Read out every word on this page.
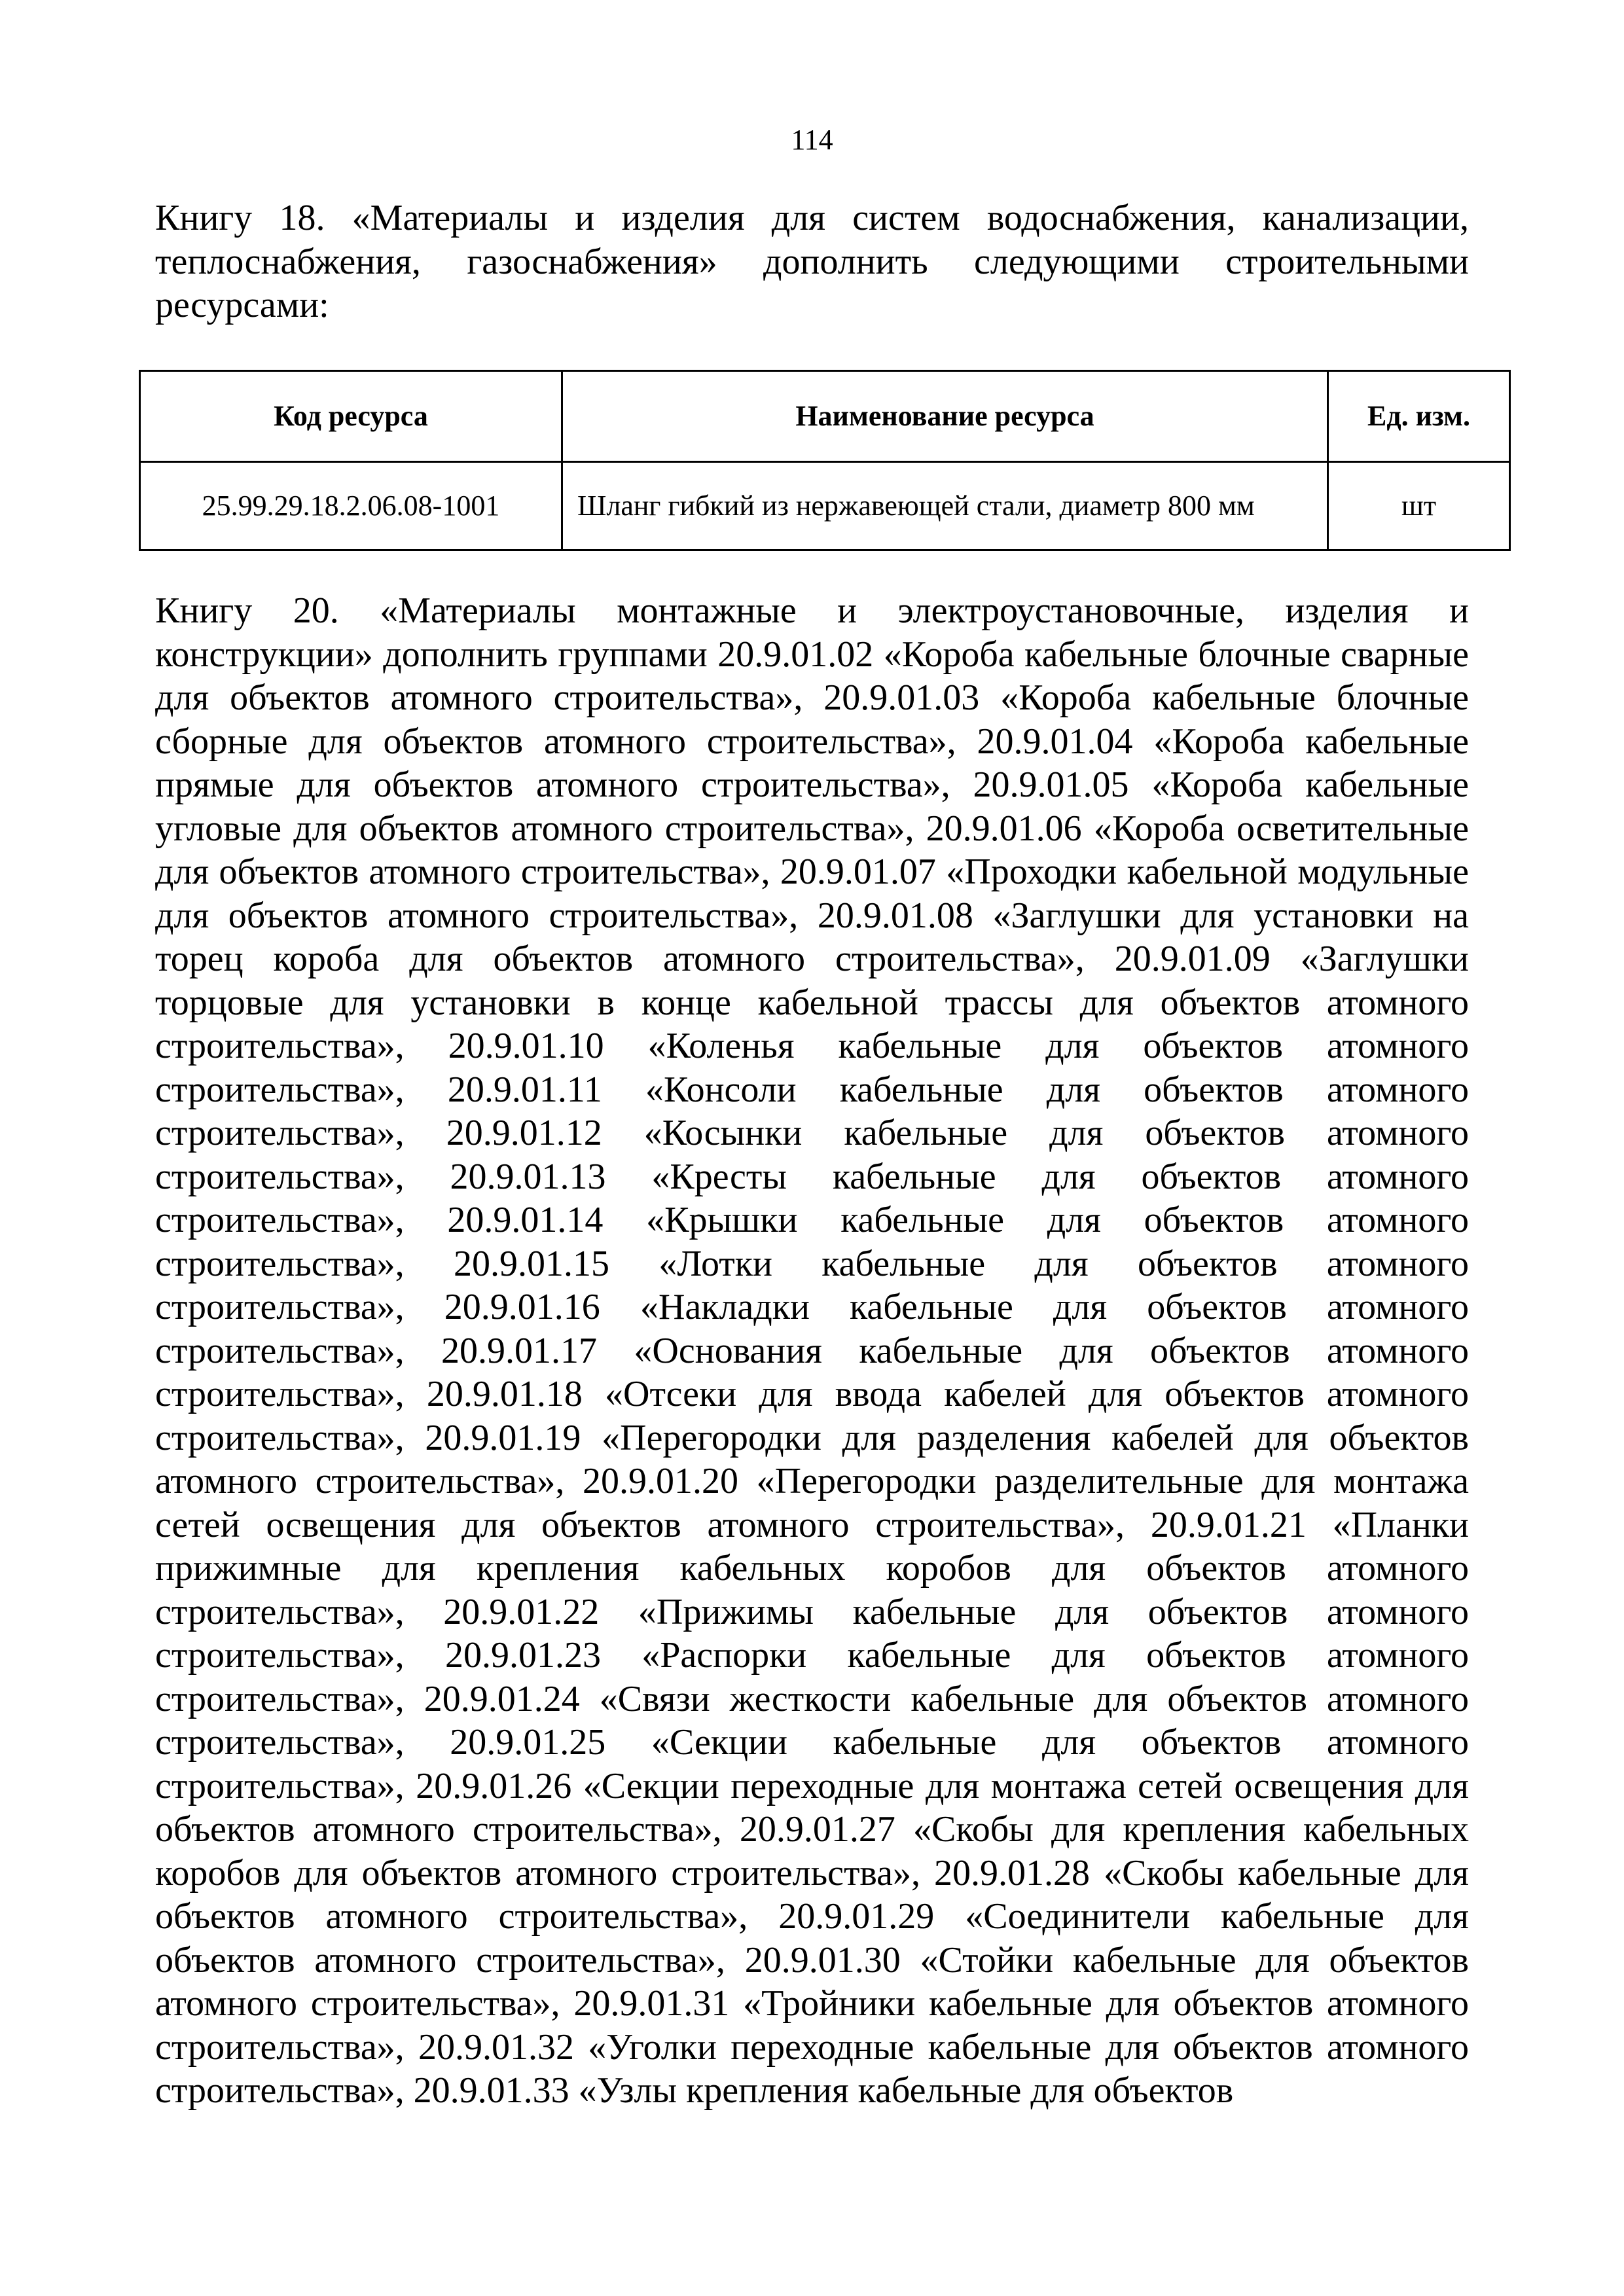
114

Книгу 18. «Материалы и изделия для систем водоснабжения, канализации, теплоснабжения, газоснабжения» дополнить следующими строительными ресурсами:

Код ресурса	Наименование ресурса	Ед. изм.
25.99.29.18.2.06.08-1001	Шланг гибкий из нержавеющей стали, диаметр 800 мм	шт

Книгу 20. «Материалы монтажные и электроустановочные, изделия и конструкции» дополнить группами 20.9.01.02 «Короба кабельные блочные сварные для объектов атомного строительства», 20.9.01.03 «Короба кабельные блочные сборные для объектов атомного строительства», 20.9.01.04 «Короба кабельные прямые для объектов атомного строительства», 20.9.01.05 «Короба кабельные угловые для объектов атомного строительства», 20.9.01.06 «Короба осветительные для объектов атомного строительства», 20.9.01.07 «Проходки кабельной модульные для объектов атомного строительства», 20.9.01.08 «Заглушки для установки на торец короба для объектов атомного строительства», 20.9.01.09 «Заглушки торцовые для установки в конце кабельной трассы для объектов атомного строительства», 20.9.01.10 «Коленья кабельные для объектов атомного строительства», 20.9.01.11 «Консоли кабельные для объектов атомного строительства», 20.9.01.12 «Косынки кабельные для объектов атомного строительства», 20.9.01.13 «Кресты кабельные для объектов атомного строительства», 20.9.01.14 «Крышки кабельные для объектов атомного строительства», 20.9.01.15 «Лотки кабельные для объектов атомного строительства», 20.9.01.16 «Накладки кабельные для объектов атомного строительства», 20.9.01.17 «Основания кабельные для объектов атомного строительства», 20.9.01.18 «Отсеки для ввода кабелей для объектов атомного строительства», 20.9.01.19 «Перегородки для разделения кабелей для объектов атомного строительства», 20.9.01.20 «Перегородки разделительные для монтажа сетей освещения для объектов атомного строительства», 20.9.01.21 «Планки прижимные для крепления кабельных коробов для объектов атомного строительства», 20.9.01.22 «Прижимы кабельные для объектов атомного строительства», 20.9.01.23 «Распорки кабельные для объектов атомного строительства», 20.9.01.24 «Связи жесткости кабельные для объектов атомного строительства», 20.9.01.25 «Секции кабельные для объектов атомного строительства», 20.9.01.26 «Секции переходные для монтажа сетей освещения для объектов атомного строительства», 20.9.01.27 «Скобы для крепления кабельных коробов для объектов атомного строительства», 20.9.01.28 «Скобы кабельные для объектов атомного строительства», 20.9.01.29 «Соединители кабельные для объектов атомного строительства», 20.9.01.30 «Стойки кабельные для объектов атомного строительства», 20.9.01.31 «Тройники кабельные для объектов атомного строительства», 20.9.01.32 «Уголки переходные кабельные для объектов атомного строительства», 20.9.01.33 «Узлы крепления кабельные для объектов
